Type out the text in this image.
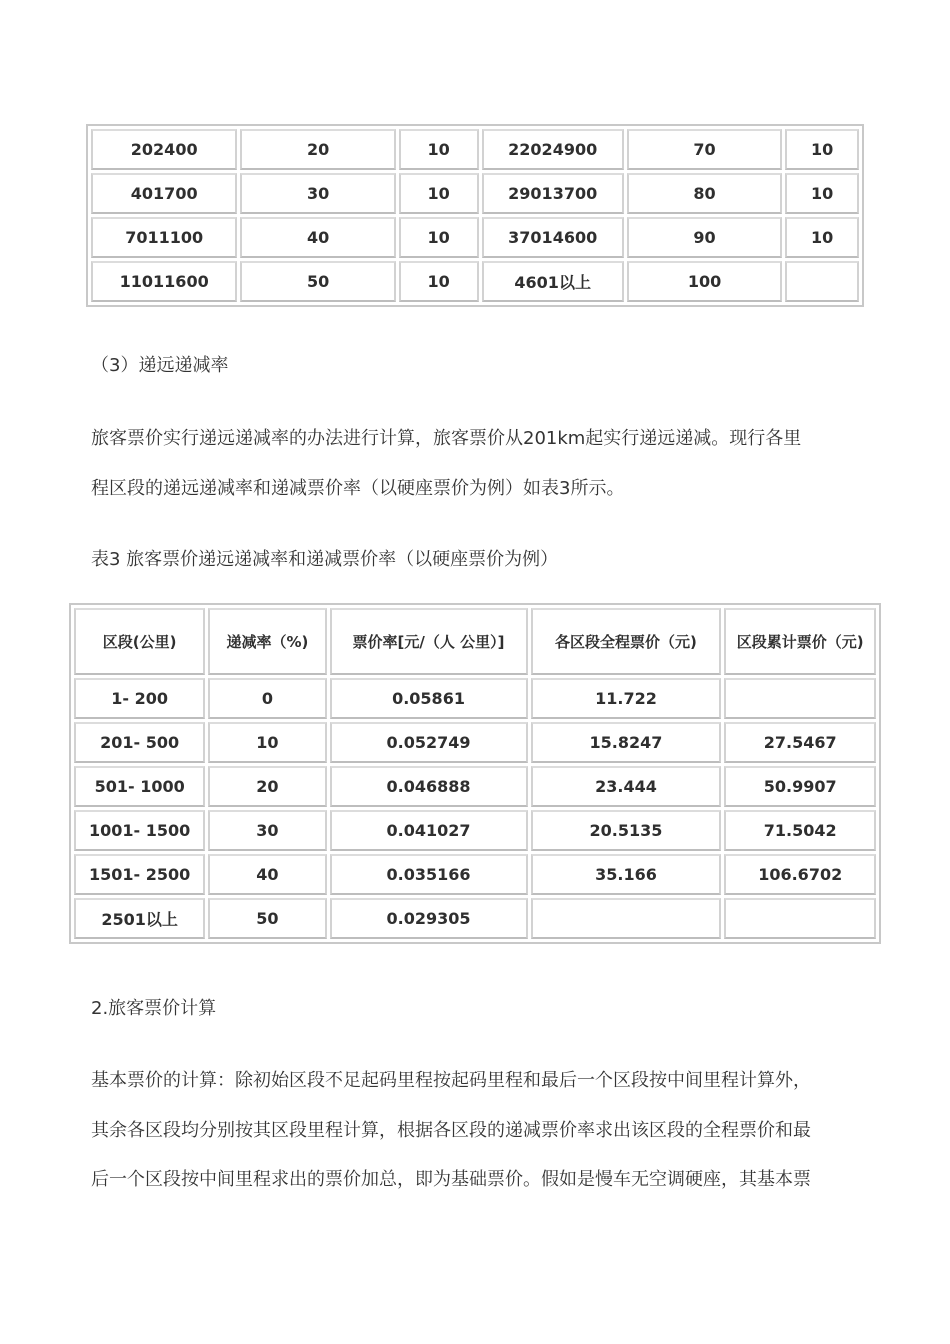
202400	20	10	22024900	70	10
401700	30	10	29013700	80	10
7011100	40	10	37014600	90	10
11011600	50	10	4601以上	100	

（3）递远递减率

旅客票价实行递远递减率的办法进行计算，旅客票价从201km起实行递远递减。现行各里

程区段的递远递减率和递减票价率（以硬座票价为例）如表3所示。

表3 旅客票价递远递减率和递减票价率（以硬座票价为例）

区段(公里)	递减率（%)	票价率[元/（人 公里）]	各区段全程票价（元)	区段累计票价（元)
1- 200	0	0.05861	11.722	
201- 500	10	0.052749	15.8247	27.5467
501- 1000	20	0.046888	23.444	50.9907
1001- 1500	30	0.041027	20.5135	71.5042
1501- 2500	40	0.035166	35.166	106.6702
2501以上	50	0.029305		

2.旅客票价计算

基本票价的计算：除初始区段不足起码里程按起码里程和最后一个区段按中间里程计算外，

其余各区段均分别按其区段里程计算，根据各区段的递减票价率求出该区段的全程票价和最

后一个区段按中间里程求出的票价加总，即为基础票价。假如是慢车无空调硬座，其基本票
